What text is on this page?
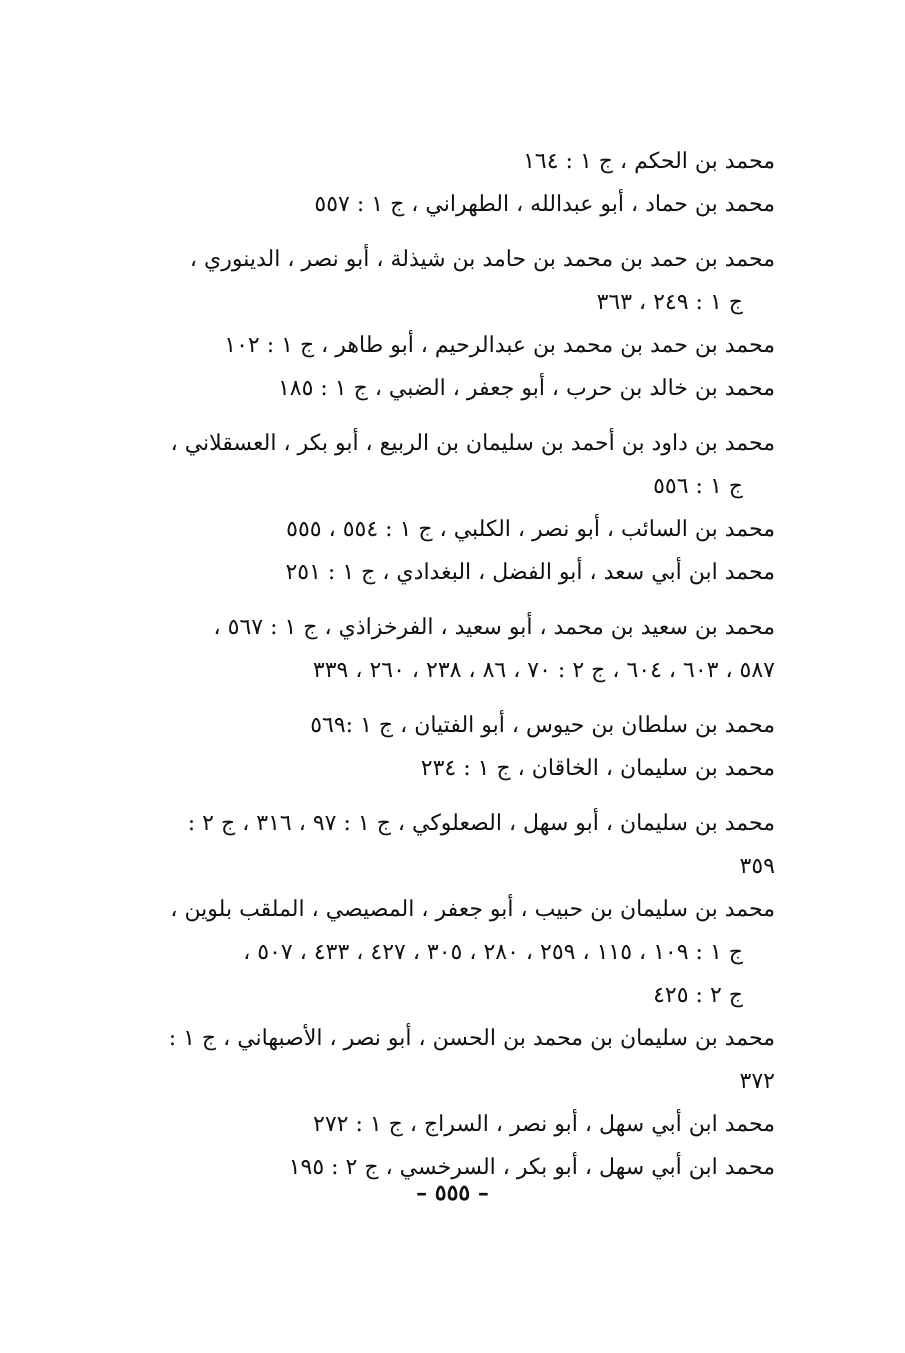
محمد بن الحكم ، ج ١ : ١٦٤

محمد بن حماد ، أبو عبدالله ، الطهراني ، ج ١ : ٥٥٧

محمد بن حمد بن محمد بن حامد بن شيذلة ، أبو نصر ، الدينوري ،
ج ١ : ٢٤٩ ، ٣٦٣

محمد بن حمد بن محمد بن عبدالرحيم ، أبو طاهر ، ج ١ : ١٠٢

محمد بن خالد بن حرب ، أبو جعفر ، الضبي ، ج ١ : ١٨٥

محمد بن داود بن أحمد بن سليمان بن الربيع ، أبو بكر ، العسقلاني ،
ج ١ : ٥٥٦

محمد بن السائب ، أبو نصر ، الكلبي ، ج ١ : ٥٥٤ ، ٥٥٥

محمد ابن أبي سعد ، أبو الفضل ، البغدادي ، ج ١ : ٢٥١

محمد بن سعيد بن محمد ، أبو سعيد ، الفرخزاذي ، ج ١ : ٥٦٧ ،
٥٨٧ ، ٦٠٣ ، ٦٠٤ ، ج ٢ : ٧٠ ، ٨٦ ، ٢٣٨ ، ٢٦٠ ، ٣٣٩

محمد بن سلطان بن حيوس ، أبو الفتيان ، ج ١ :٥٦٩

محمد بن سليمان ، الخاقان ، ج ١ : ٢٣٤

محمد بن سليمان ، أبو سهل ، الصعلوكي ، ج ١ : ٩٧ ، ٣١٦ ، ج ٢ :
٣٥٩

محمد بن سليمان بن حبيب ، أبو جعفر ، المصيصي ، الملقب بلوين ،
ج ١ : ١٠٩ ، ١١٥ ، ٢٥٩ ، ٢٨٠ ، ٣٠٥ ، ٤٢٧ ، ٤٣٣ ، ٥٠٧ ،
ج ٢ : ٤٢٥

محمد بن سليمان بن محمد بن الحسن ، أبو نصر ، الأصبهاني ، ج ١ :
٣٧٢

محمد ابن أبي سهل ، أبو نصر ، السراج ، ج ١ : ٢٧٢

محمد ابن أبي سهل ، أبو بكر ، السرخسي ، ج ٢ : ١٩٥

– ٥٥٥ –
